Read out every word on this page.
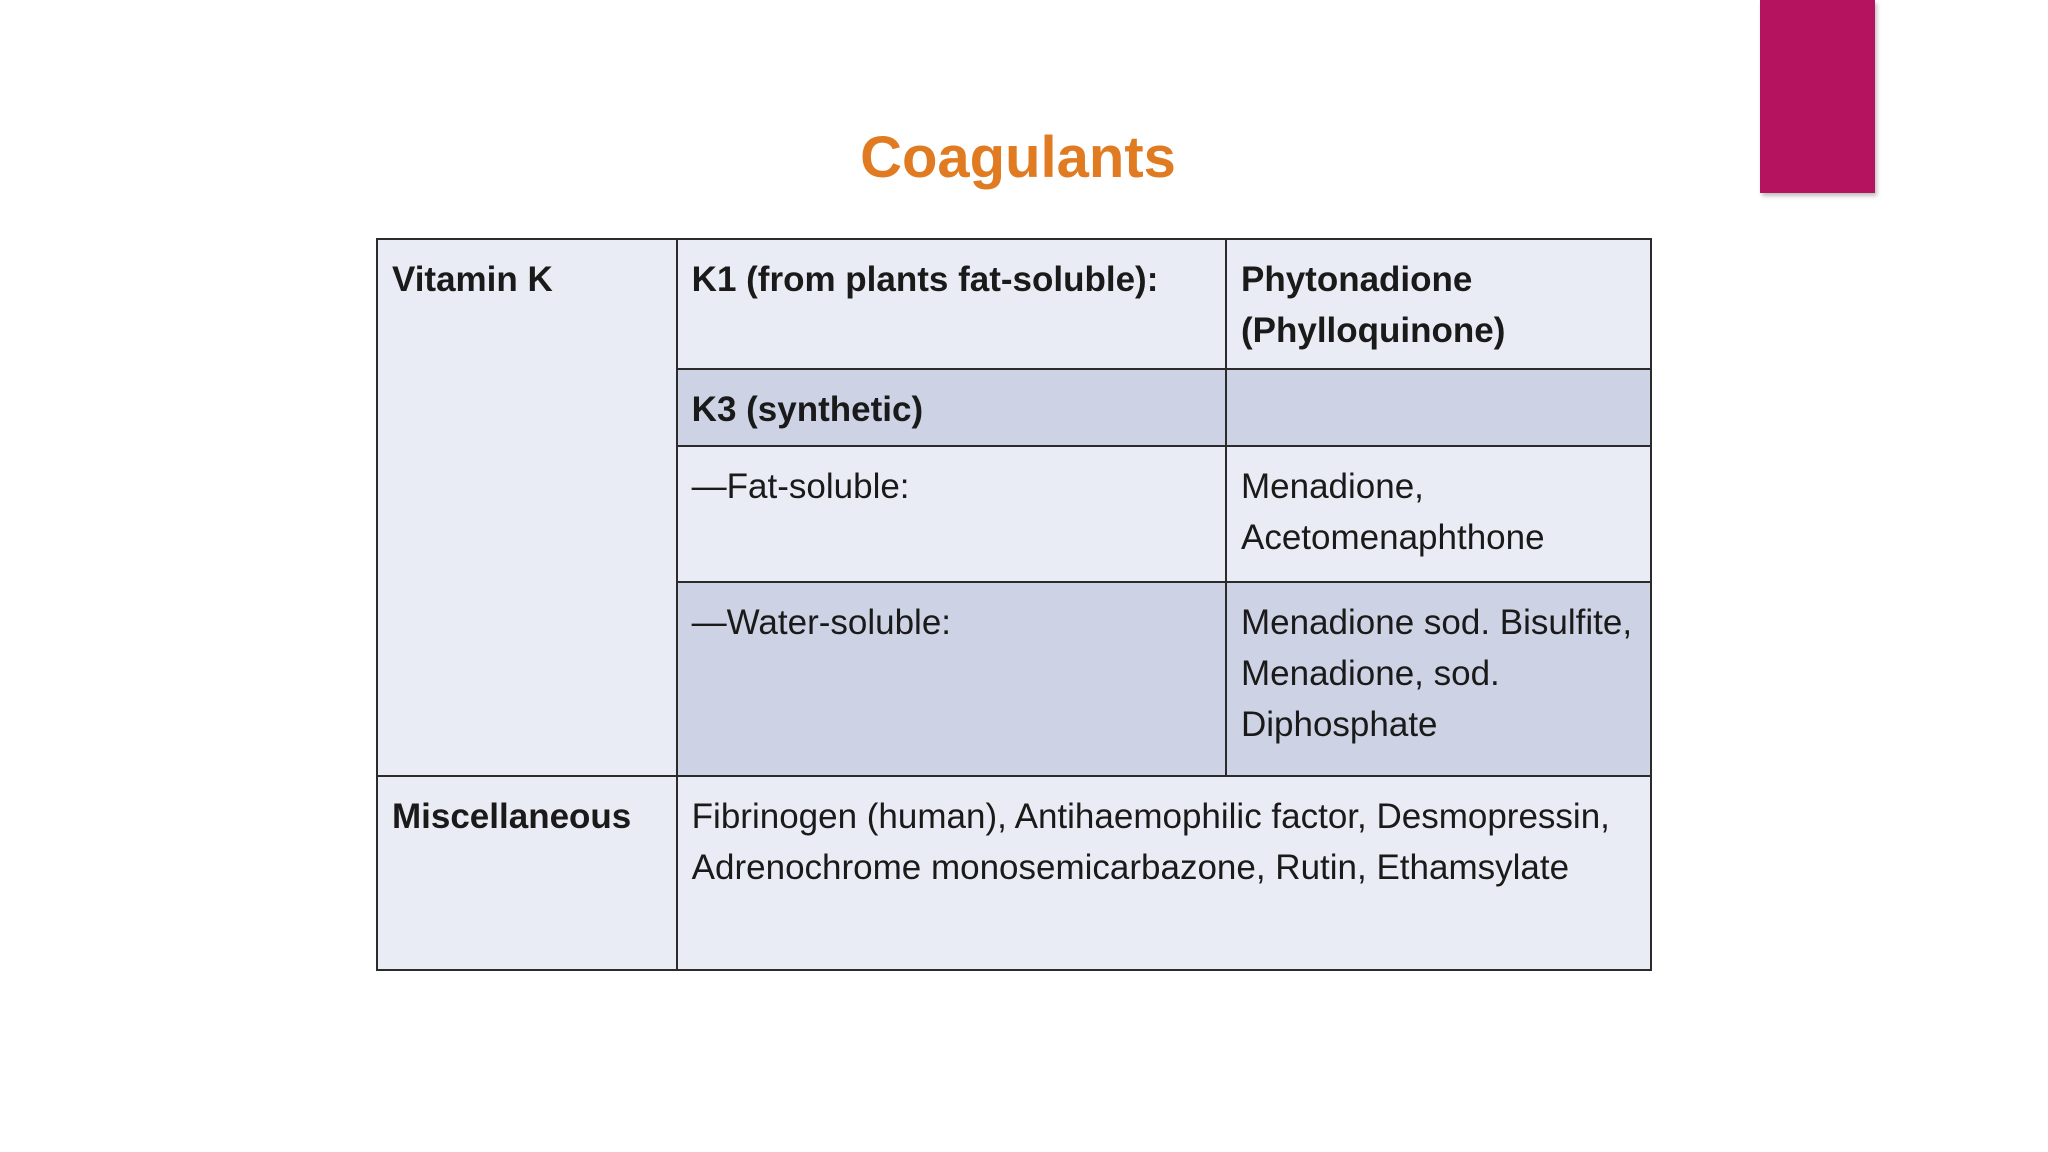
Coagulants
Vitamin K	K1 (from plants fat-soluble):	Phytonadione (Phylloquinone)
	K3 (synthetic)	
	—Fat-soluble:	Menadione, Acetomenaphthone
	—Water-soluble:	Menadione sod. Bisulfite, Menadione, sod. Diphosphate
Miscellaneous	Fibrinogen (human), Antihaemophilic factor, Desmopressin, Adrenochrome monosemicarbazone, Rutin, Ethamsylate	
